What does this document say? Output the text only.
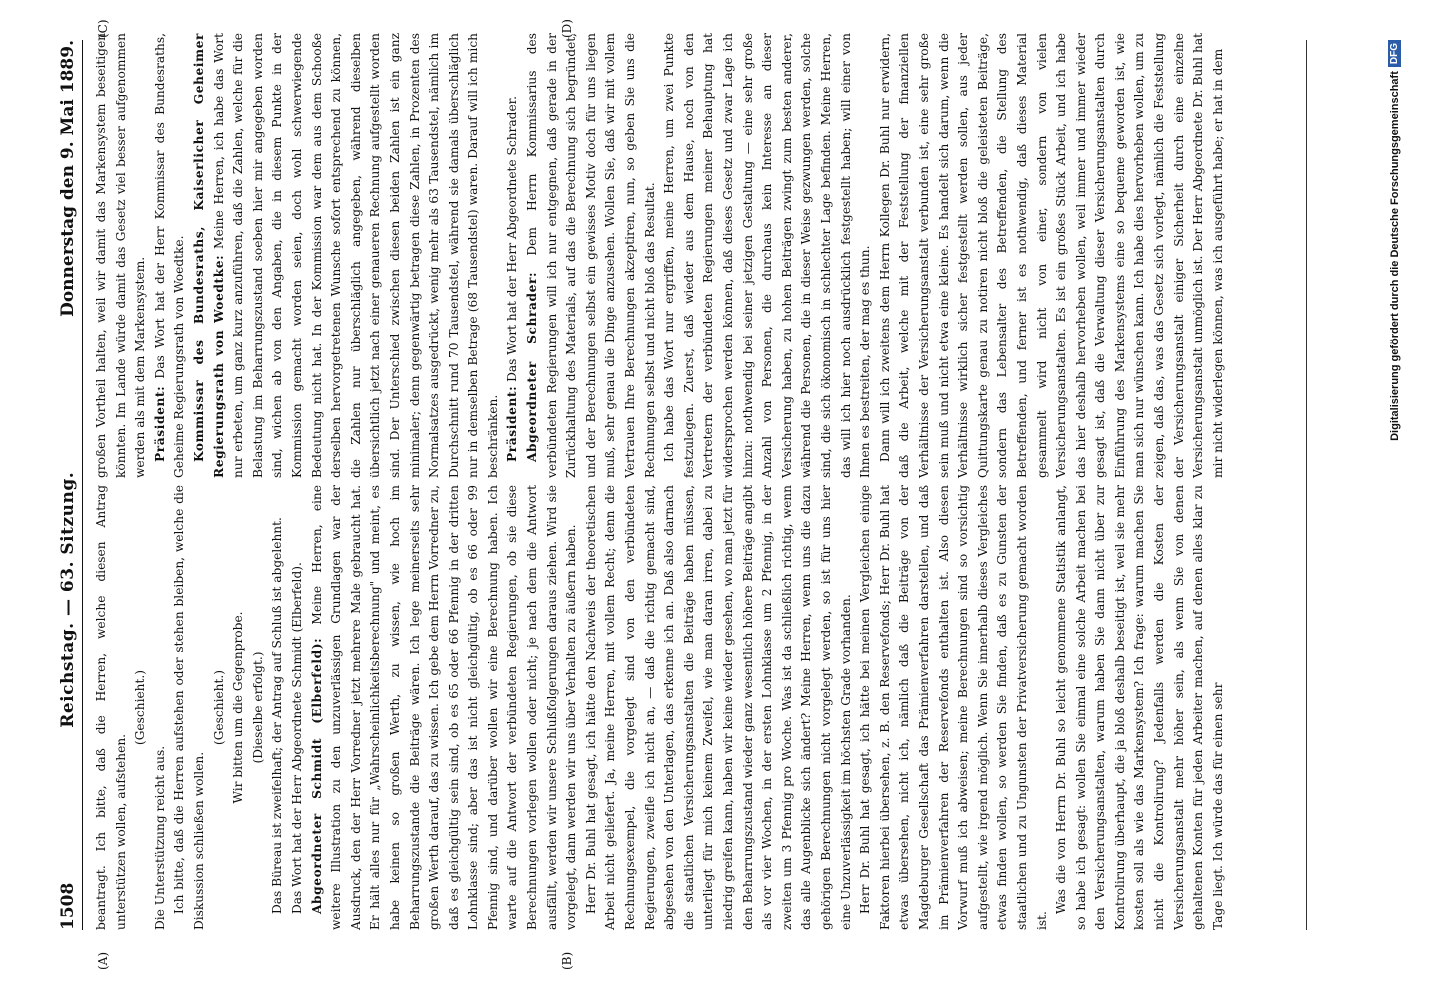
1508
Reichstag. — 63. Sitzung.
Donnerstag den 9. Mai 1889.
(A)	(B)
(C)	(D)

beantragt. Ich bitte, daß die Herren, welche diesen Antrag unterstützen wollen, aufstehen.

(Geschieht.)

Die Unterstützung reicht aus. Ich bitte, daß die Herren aufstehen oder stehen bleiben, welche die Diskussion schließen wollen.

(Geschieht.) Wir bitten um die Gegenprobe. (Dieselbe erfolgt.) Das Büreau ist zweifelhaft; der Antrag auf Schluß ist abgelehnt. Das Wort hat der Herr Abgeordnete Schmidt (Elberfeld). Abgeordneter Schmidt (Elberfeld): Meine Herren, eine weitere Illustration zu den unzuverlässigen Grundlagen war der Ausdruck, den der Herr Vorredner jetzt mehrere Male gebraucht hat. Er hält alles nur für „Wahrscheinlichkeitsberechnung" und meint, es habe keinen so großen Werth, zu wissen, wie hoch im Beharrungszustande die Beiträge wären. Ich lege meinerseits sehr großen Werth darauf, das zu wissen. Ich gebe dem Herrn Vorredner zu, daß es gleichgültig sein sind, ob es 65 oder 66 Pfennig in der dritten Lohnklasse sind; aber das ist nicht gleichgültig, ob es 66 oder 99 Pfennig sind, und darüber wollen wir eine Berechnung haben. Ich warte auf die Antwort der verbündeten Regierungen, ob sie diese Berechnungen vorlegen wollen oder nicht; je nach dem die Antwort ausfällt, werden wir unsere Schlußfolgerungen daraus ziehen. Wird sie vorgelegt, dann werden wir uns über Verhalten zu äußern haben. Herr Dr. Buhl hat gesagt, ich hätte den Nachweis der theoretischen Arbeit nicht geliefert. Ja, meine Herren, mit vollem Recht; denn die Rechnungsexempel, die vorgelegt sind von den verbündeten Regierungen, zweifle ich nicht an, — daß die richtig gemacht sind, abgesehen von den Unterlagen, das erkenne ich an. Daß also darnach die staatlichen Versicherungsanstalten die Beiträge haben müssen, unterliegt für mich keinem Zweifel, wie man daran irren, dabei zu niedrig greifen kann, haben wir keine wieder gesehen, wo man jetzt für den Beharrungszustand wieder ganz wesentlich höhere Beiträge angibt als vor vier Wochen, in der ersten Lohnklasse um 2 Pfennig, in der zweiten um 3 Pfennig pro Woche. Was ist da schließlich richtig, wenn das alle Augenblicke sich ändert? Meine Herren, wenn uns die dazu gehörigen Berechnungen nicht vorgelegt werden, so ist für uns hier eine Unzuverlässigkeit im höchsten Grade vorhanden. Herr Dr. Buhl hat gesagt, ich hätte bei meinen Vergleichen einige Faktoren hierbei übersehen, z. B. den Reservefonds; Herr Dr. Buhl hat etwas übersehen, nicht ich, nämlich daß die Beiträge von der Magdeburger Gesellschaft das Prämienverfahren darstellen, und daß im Prämienverfahren der Reservefonds enthalten ist. Also diesen Vorwurf muß ich abweisen; meine Berechnungen sind so vorsichtig aufgestellt, wie irgend möglich. Wenn Sie innerhalb dieses Vergleiches etwas finden wollen, so werden Sie finden, daß es zu Gunsten der staatlichen und zu Ungunsten der Privatversicherung gemacht worden ist.

Was die von Herrn Dr. Buhl so leicht genommene Statistik anlangt, so habe ich gesagt: wollen Sie einmal eine solche Arbeit machen bei den Versicherungsanstalten, warum haben Sie dann nicht über zur Kontrolirung überhaupt, die ja bloß deshalb beseitigt ist, weil sie mehr kosten soll als wie das Markensystem? Ich frage: warum machen Sie nicht die Kontrolirung? Jedenfalls werden die Kosten der Versicherungsanstalt mehr höher sein, als wenn Sie von denen gehaltenen Konten für jeden Arbeiter machen, auf denen alles klar zu Tage liegt. Ich würde das für einen sehr

großen Vortheil halten, weil wir damit das Markensystem beseitigen könnten. Im Lande würde damit das Gesetz viel besser aufgenommen werden als mit dem Markensystem. Präsident: Das Wort hat der Herr Kommissar des Bundesraths, Geheime Regierungsrath von Woedtke. Kommissar des Bundesraths, Kaiserlicher Geheimer Regierungsrath von Woedtke: Meine Herren, ich habe das Wort nur erbeten, um ganz kurz anzuführen, daß die Zahlen, welche für die Belastung im Beharrungszustand soeben hier mir angegeben worden sind, wichen ab von den Angaben, die in diesem Punkte in der Kommission gemacht worden seien, doch wohl schwerwiegende Bedeutung nicht hat. In der Kommission war dem aus dem Schooße derselben hervorgetretenen Wunsche sofort entsprechend zu können, die Zahlen nur überschläglich angegeben, während dieselben übersichtlich jetzt nach einer genaueren Rechnung aufgestellt worden sind. Der Unterschied zwischen diesen beiden Zahlen ist ein ganz minimaler; denn gegenwärtig betragen diese Zahlen, in Prozenten des Normalsatzes ausgedrückt, wenig mehr als 63 Tausendstel, nämlich im Durchschnitt rund 70 Tausendstel, während sie damals überschläglich nur in demselben Betrage (68 Tausendstel) waren. Darauf will ich mich beschränken. Präsident: Das Wort hat der Herr Abgeordnete Schrader. Abgeordneter Schrader: Dem Herrn Kommissarius des verbündeten Regierungen will ich nur entgegnen, daß gerade in der Zurückhaltung des Materials, auf das die Berechnung sich begründet, und der Berechnungen selbst ein gewisses Motiv doch für uns liegen muß, sehr genau die Dinge anzusehen. Wollen Sie, daß wir mit vollem Vertrauen Ihre Berechnungen akzeptiren, nun, so geben Sie uns die Rechnungen selbst und nicht bloß das Resultat. Ich habe das Wort nur ergriffen, meine Herren, um zwei Punkte festzulegen. Zuerst, daß wieder aus dem Hause, noch von den Vertretern der verbündeten Regierungen meiner Behauptung hat widersprochen werden können, daß dieses Gesetz und zwar Lage ich hinzu: nothwendig bei seiner jetzigen Gestaltung — eine sehr große Anzahl von Personen, die durchaus kein Interesse an dieser Versicherung haben, zu hohen Beiträgen zwingt zum besten anderer, während die Personen, die in dieser Weise gezwungen werden, solche sind, die sich ökonomisch in schlechter Lage befinden. Meine Herren, das will ich hier noch ausdrücklich festgestellt haben; will einer von Ihnen es bestreiten, der mag es thun. Dann will ich zweitens dem Herrn Kollegen Dr. Buhl nur erwidern, daß die Arbeit, welche mit der Feststellung der finanziellen Verhältnisse der Versicherungsanstalt verbunden ist, eine sehr große sein muß und nicht etwa eine kleine. Es handelt sich darum, wenn die Verhältnisse wirklich sicher festgestellt werden sollen, aus jeder Quittungskarte genau zu notiren nicht bloß die geleisteten Beiträge, sondern das Lebensalter des Betreffenden, die Stellung des Betreffenden, und ferner ist es nothwendig, daß dieses Material gesammelt wird nicht von einer, sondern von vielen Versicherungsanstalten. Es ist ein großes Stück Arbeit, und ich habe das hier deshalb hervorheben wollen, weil immer und immer wieder gesagt ist, daß die Verwaltung dieser Versicherungsanstalten durch Einführung des Markensystems eine so bequeme geworden ist, wie man sich nur wünschen kann. Ich habe dies hervorheben wollen, um zu zeigen, daß das, was das Gesetz sich vorlegt, nämlich die Feststellung der Versicherungsanstalt einiger Sicherheit durch eine einzelne Versicherungsanstalt unmöglich ist. Der Herr Abgeordnete Dr. Buhl hat mir nicht widerlegen können, was ich ausgeführt habe; er hat in dem	Digitalisierung gefördert durch die Deutsche Forschungsgemeinschaft
DFG
